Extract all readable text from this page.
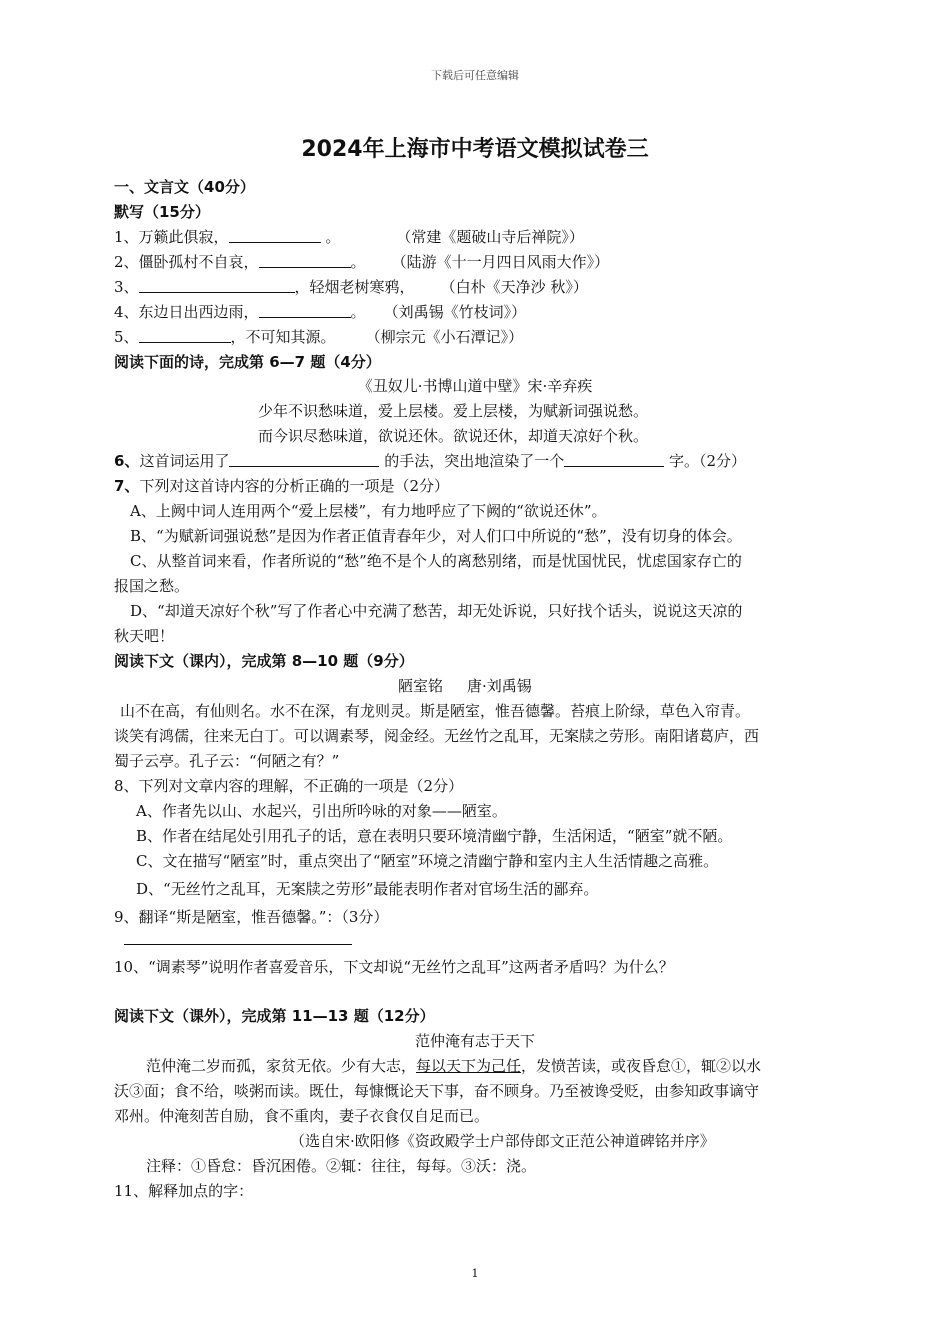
下载后可任意编辑
2024年上海市中考语文模拟试卷三
一、文言文（40分）
默写（15分）
1、万籁此俱寂，	。	（常建《题破山寺后禅院》）
2、僵卧孤村不自哀，	。 （陆游《十一月四日风雨大作》）
3、	，轻烟老树寒鸦， （白朴《天净沙 秋》）
4、东边日出西边雨，	。 （刘禹锡《竹枝词》）
5、	，不可知其源。 （柳宗元《小石潭记》）
阅读下面的诗，完成第 6—7 题（4分）
《丑奴儿·书博山道中壁》宋·辛弃疾
少年不识愁味道，爱上层楼。爱上层楼，为赋新词强说愁。
而今识尽愁味道，欲说还休。欲说还休，却道天凉好个秋。
6、这首词运用了	的手法，突出地渲染了一个	字。（2分）
7、下列对这首诗内容的分析正确的一项是（2分）
A、上阙中词人连用两个“爱上层楼”，有力地呼应了下阙的“欲说还休”。
B、“为赋新词强说愁”是因为作者正值青春年少，对人们口中所说的“愁”，没有切身的体会。
C、从整首词来看，作者所说的“愁”绝不是个人的离愁别绪，而是忧国忧民，忧虑国家存亡的
报国之愁。
D、“却道天凉好个秋”写了作者心中充满了愁苦，却无处诉说，只好找个话头，说说这天凉的
秋天吧！
阅读下文（课内），完成第 8—10 题（9分）
陋室铭 唐·刘禹锡
山不在高，有仙则名。水不在深，有龙则灵。斯是陋室，惟吾德馨。苔痕上阶绿，草色入帘青。
谈笑有鸿儒，往来无白丁。可以调素琴，阅金经。无丝竹之乱耳，无案牍之劳形。南阳诸葛庐，西
蜀子云亭。孔子云：“何陋之有？”
8、下列对文章内容的理解，不正确的一项是（2分）
A、作者先以山、水起兴，引出所吟咏的对象——陋室。
B、作者在结尾处引用孔子的话，意在表明只要环境清幽宁静，生活闲适，“陋室”就不陋。
C、文在描写“陋室”时，重点突出了“陋室”环境之清幽宁静和室内主人生活情趣之高雅。
D、“无丝竹之乱耳，无案牍之劳形”最能表明作者对官场生活的鄙弃。
9、翻译“斯是陋室，惟吾德馨。”：（3分）
10、“调素琴”说明作者喜爱音乐，下文却说“无丝竹之乱耳”这两者矛盾吗？为什么？
阅读下文（课外），完成第 11—13 题（12分）
范仲淹有志于天下
范仲淹二岁而孤，家贫无依。少有大志，每以天下为己任，发愤苦读，或夜昏怠①，辄②以水
沃③面；食不给，啖粥而读。既仕，每慷慨论天下事，奋不顾身。乃至被谗受贬，由参知政事谪守
邓州。仲淹刻苦自励，食不重肉，妻子衣食仅自足而已。
（选自宋·欧阳修《资政殿学士户部侍郎文正范公神道碑铭并序》
注释：①昏怠：昏沉困倦。②辄：往往，每每。③沃：浇。
11、解释加点的字：
1
